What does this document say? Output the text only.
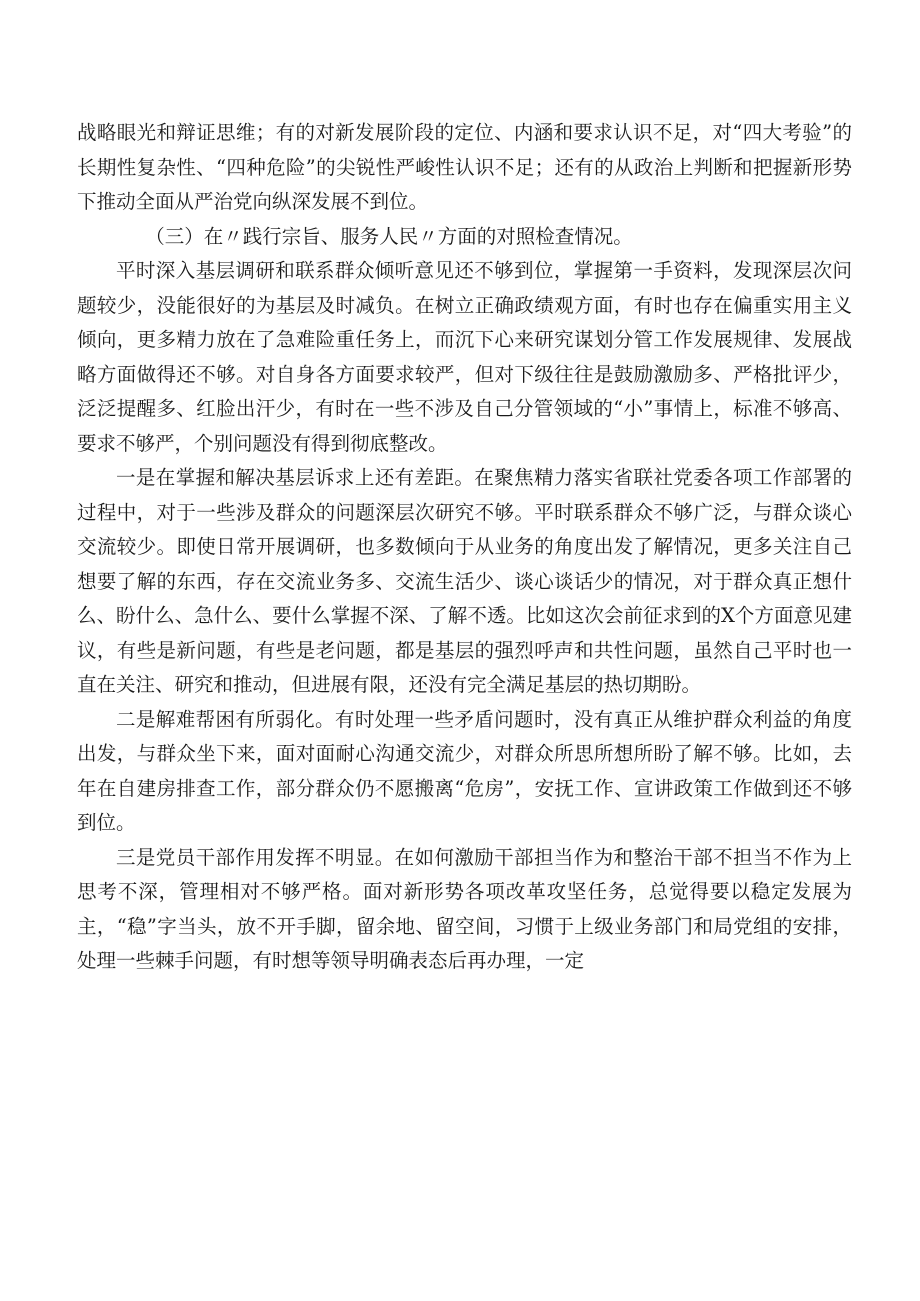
战略眼光和辩证思维；有的对新发展阶段的定位、内涵和要求认识不足，对“四大考验”的长期性复杂性、“四种危险”的尖锐性严峻性认识不足；还有的从政治上判断和把握新形势下推动全面从严治党向纵深发展不到位。

（三）在〃践行宗旨、服务人民〃方面的对照检查情况。

平时深入基层调研和联系群众倾听意见还不够到位，掌握第一手资料，发现深层次问题较少，没能很好的为基层及时减负。在树立正确政绩观方面，有时也存在偏重实用主义倾向，更多精力放在了急难险重任务上，而沉下心来研究谋划分管工作发展规律、发展战略方面做得还不够。对自身各方面要求较严，但对下级往往是鼓励激励多、严格批评少，泛泛提醒多、红脸出汗少，有时在一些不涉及自己分管领域的“小”事情上，标准不够高、要求不够严，个别问题没有得到彻底整改。

一是在掌握和解决基层诉求上还有差距。在聚焦精力落实省联社党委各项工作部署的过程中，对于一些涉及群众的问题深层次研究不够。平时联系群众不够广泛，与群众谈心交流较少。即使日常开展调研，也多数倾向于从业务的角度出发了解情况，更多关注自己想要了解的东西，存在交流业务多、交流生活少、谈心谈话少的情况，对于群众真正想什么、盼什么、急什么、要什么掌握不深、了解不透。比如这次会前征求到的X个方面意见建议，有些是新问题，有些是老问题，都是基层的强烈呼声和共性问题，虽然自己平时也一直在关注、研究和推动，但进展有限，还没有完全满足基层的热切期盼。

二是解难帮困有所弱化。有时处理一些矛盾问题时，没有真正从维护群众利益的角度出发，与群众坐下来，面对面耐心沟通交流少，对群众所思所想所盼了解不够。比如，去年在自建房排查工作，部分群众仍不愿搬离“危房”，安抚工作、宣讲政策工作做到还不够到位。

三是党员干部作用发挥不明显。在如何激励干部担当作为和整治干部不担当不作为上思考不深，管理相对不够严格。面对新形势各项改革攻坚任务，总觉得要以稳定发展为主，“稳”字当头，放不开手脚，留余地、留空间，习惯于上级业务部门和局党组的安排，处理一些棘手问题，有时想等领导明确表态后再办理，一定
